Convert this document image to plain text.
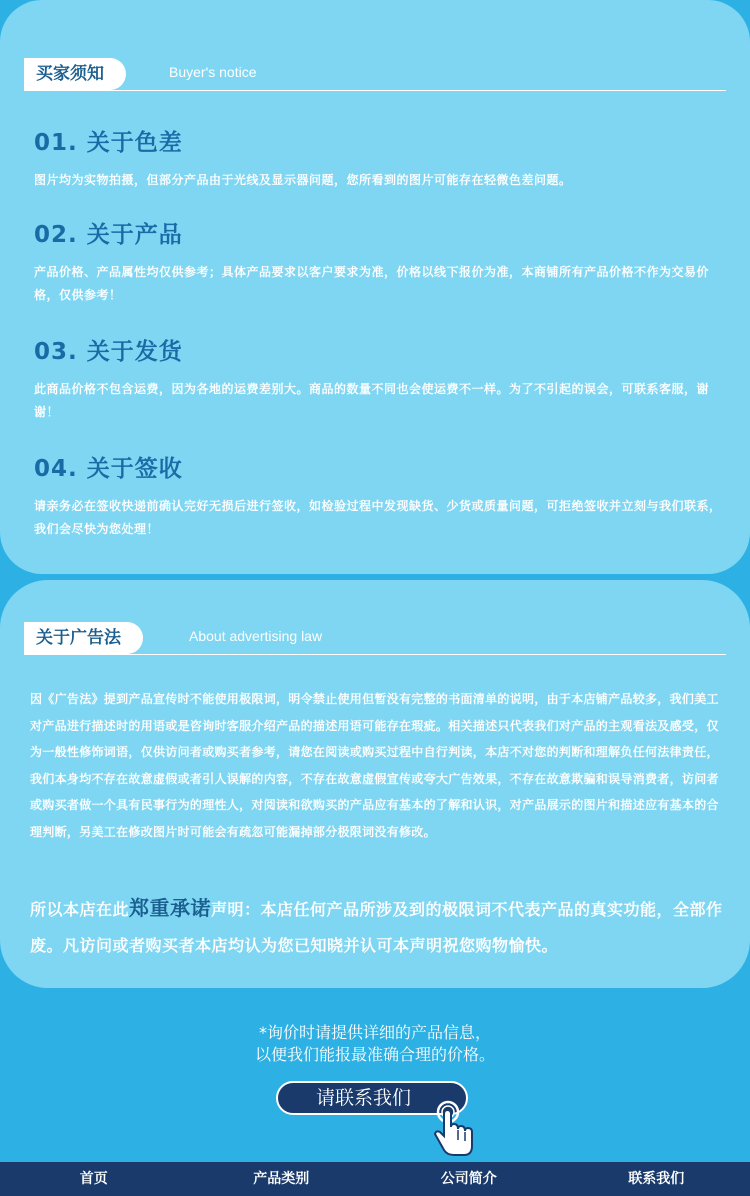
买家须知	Buyer's notice
01. 关于色差

图片均为实物拍摄，但部分产品由于光线及显示器问题，您所看到的图片可能存在轻微色差问题。

02. 关于产品

产品价格、产品属性均仅供参考；具体产品要求以客户要求为准，价格以线下报价为准，本商铺所有产品价格不作为交易价格，仅供参考！

03. 关于发货

此商品价格不包含运费，因为各地的运费差别大。商品的数量不同也会使运费不一样。为了不引起的误会，可联系客服，谢谢！

04. 关于签收

请亲务必在签收快递前确认完好无损后进行签收，如检验过程中发现缺货、少货或质量问题，可拒绝签收并立刻与我们联系，我们会尽快为您处理！

关于广告法	About advertising law

因《广告法》提到产品宣传时不能使用极限词，明令禁止使用但暂没有完整的书面清单的说明，由于本店铺产品较多，我们美工对产品进行描述时的用语或是咨询时客服介绍产品的描述用语可能存在瑕疵。相关描述只代表我们对产品的主观看法及感受，仅为一般性修饰词语，仅供访问者或购买者参考，请您在阅读或购买过程中自行判读，本店不对您的判断和理解负任何法律责任，我们本身均不存在故意虚假或者引人误解的内容，不存在故意虚假宣传或夸大广告效果，不存在故意欺骗和误导消费者，访问者或购买者做一个具有民事行为的理性人，对阅读和欲购买的产品应有基本的了解和认识，对产品展示的图片和描述应有基本的合理判断，另美工在修改图片时可能会有疏忽可能漏掉部分极限词没有修改。

所以本店在此郑重承诺声明：本店任何产品所涉及到的极限词不代表产品的真实功能，全部作废。凡访问或者购买者本店均认为您已知晓并认可本声明祝您购物愉快。

*询价时请提供详细的产品信息，
以便我们能报最准确合理的价格。
请联系我们
首页	产品类别	公司简介	联系我们
